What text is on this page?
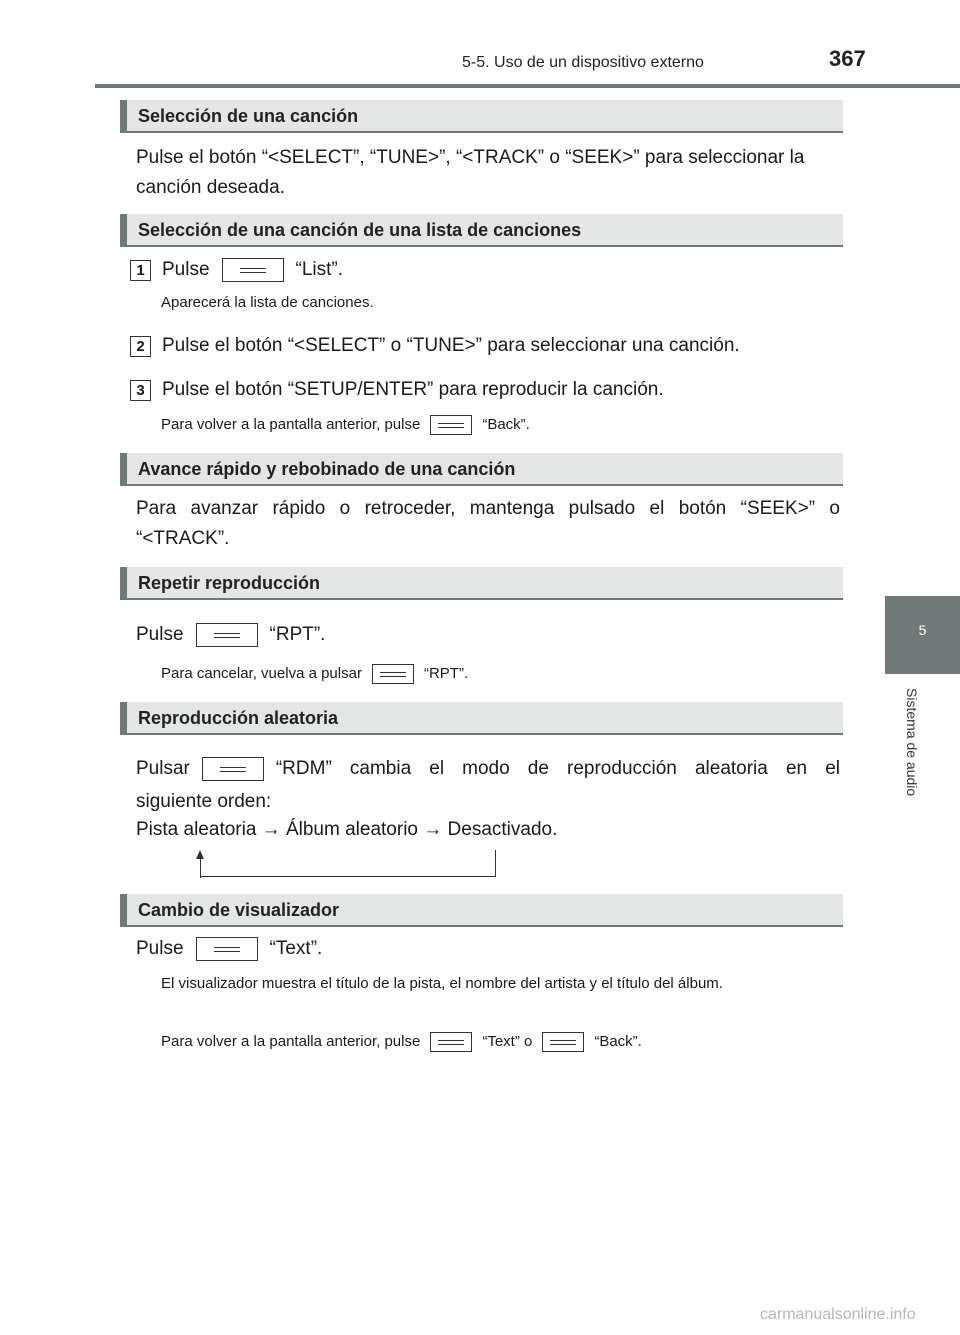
5-5. Uso de un dispositivo externo	367
5
Sistema de audio
Selección de una canción
Pulse el botón “<SELECT”, “TUNE>”, “<TRACK” o “SEEK>” para seleccionar la canción deseada.
Selección de una canción de una lista de canciones
1 Pulse	“List”.
Aparecerá la lista de canciones.
2 Pulse el botón “<SELECT” o “TUNE>” para seleccionar una canción.
3 Pulse el botón “SETUP/ENTER” para reproducir la canción.
Para volver a la pantalla anterior, pulse	“Back”.
Avance rápido y rebobinado de una canción
Para avanzar rápido o retroceder, mantenga pulsado el botón “SEEK>” o
“<TRACK”.
Repetir reproducción
Pulse	“RPT”.
Para cancelar, vuelva a pulsar	“RPT”.
Reproducción aleatoria
Pulsar	“RDM” cambia el modo de reproducción aleatoria en el
siguiente orden:
Pista aleatoria → Álbum aleatorio → Desactivado.
Cambio de visualizador
Pulse	“Text”.
El visualizador muestra el título de la pista, el nombre del artista y el título del álbum.
Para volver a la pantalla anterior, pulse	“Text” o	“Back”.
carmanualsonline.info
